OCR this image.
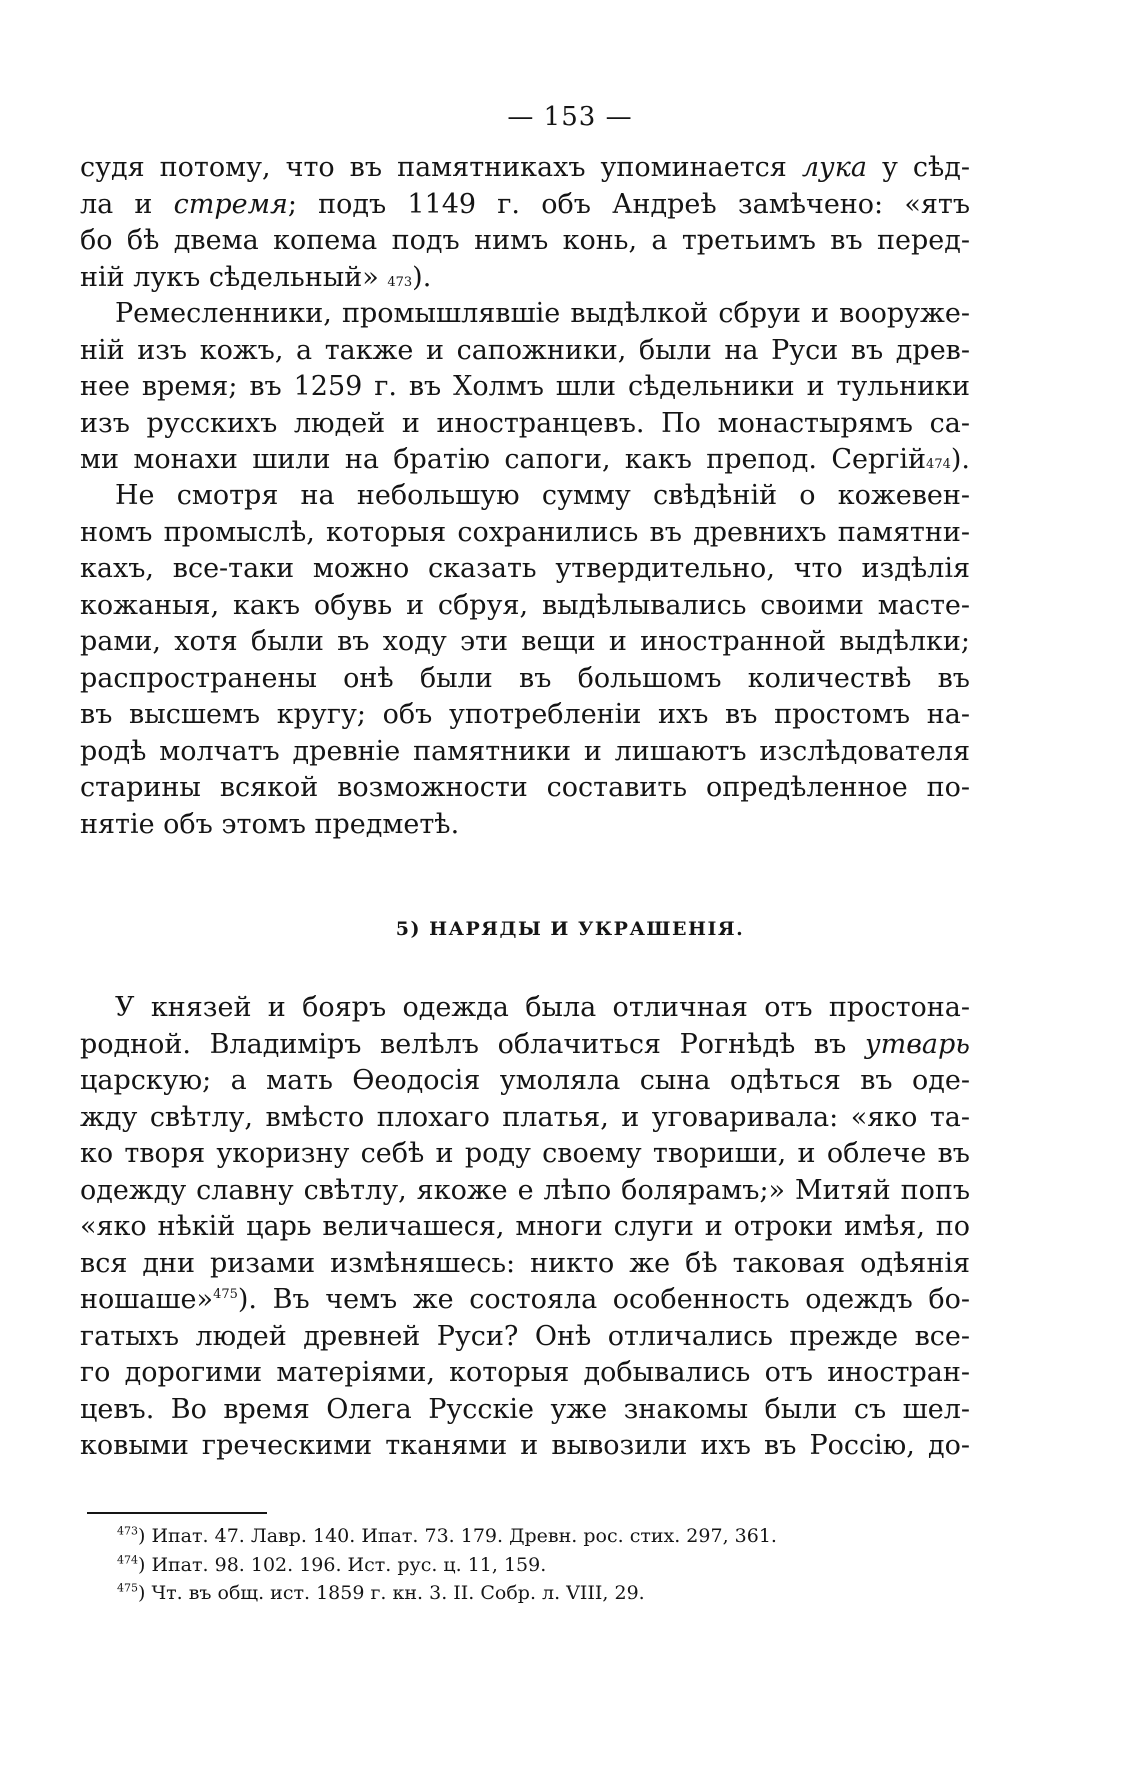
— 153 —
судя потому, что въ памятникахъ упоминается лука у сѣд-
ла и стремя; подъ 1149 г. объ Андреѣ замѣчено: «ятъ
бо бѣ двема копема подъ нимъ конь, а третьимъ въ перед-
нiй лукъ сѣдельный» 473).
Ремесленники, промышлявшiе выдѣлкой сбруи и вооруже-
нiй изъ кожъ, а также и сапожники, были на Руси въ древ-
нее время; въ 1259 г. въ Холмъ шли сѣдельники и тульники
изъ русскихъ людей и иностранцевъ. По монастырямъ са-
ми монахи шили на братiю сапоги, какъ препод. Сергiй474).
Не смотря на небольшую сумму свѣдѣнiй о кожевен-
номъ промыслѣ, которыя сохранились въ древнихъ памятни-
кахъ, все-таки можно сказать утвердительно, что издѣлiя
кожаныя, какъ обувь и сбруя, выдѣлывались своими масте-
рами, хотя были въ ходу эти вещи и иностранной выдѣлки;
распространены онѣ были въ большомъ количествѣ въ
въ высшемъ кругу; объ употребленiи ихъ въ простомъ на-
родѣ молчатъ древнiе памятники и лишаютъ изслѣдователя
старины всякой возможности составить опредѣленное по-
нятiе объ этомъ предметѣ.
5) НАРЯДЫ И УКРАШЕНIЯ.
У князей и бояръ одежда была отличная отъ простона-
родной. Владимiръ велѣлъ облачиться Рогнѣдѣ въ утварь
царскую; а мать Өеодосiя умоляла сына одѣться въ оде-
жду свѣтлу, вмѣсто плохаго платья, и уговаривала: «яко та-
ко творя укоризну себѣ и роду своему твориши, и облече въ
одежду славну свѣтлу, якоже е лѣпо болярамъ;» Митяй попъ
«яко нѣкiй царь величашеся, многи слуги и отроки имѣя, по
вся дни ризами измѣняшесь: никто же бѣ таковая одѣянiя
ношаше»$^{475}$). Въ чемъ же состояла особенность одеждъ бо-
гатыхъ людей древней Руси? Онѣ отличались прежде все-
го дорогими матерiями, которыя добывались отъ иностран-
цевъ. Во время Олега Русскiе уже знакомы были съ шел-
ковыми греческими тканями и вывозили ихъ въ Россiю, до-
$^{473}$) Ипат. 47. Лавр. 140. Ипат. 73. 179. Древн. рос. стих. 297, 361.
$^{474}$) Ипат. 98. 102. 196. Ист. рус. ц. 11, 159.
$^{475}$) Чт. въ общ. ист. 1859 г. кн. 3. II. Собр. л. VIII, 29.
